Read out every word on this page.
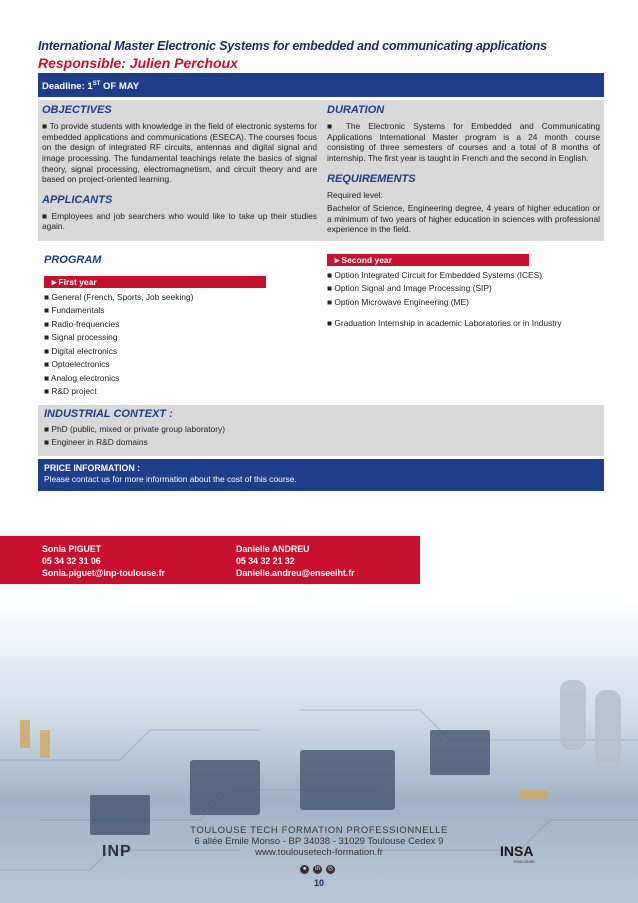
International Master Electronic Systems for embedded and communicating applications

Responsible: Julien Perchoux

Deadline: 1ST OF MAY
OBJECTIVES

■ To provide students with knowledge in the field of electronic systems for embedded applications and communications (ESECA). The courses focus on the design of integrated RF circuits, antennas and digital signal and image processing. The fundamental teachings relate the basics of signal theory, signal processing, electromagnetism, and circuit theory and are based on project-oriented learning.

APPLICANTS

■ Employees and job searchers who would like to take up their studies again.

DURATION

■ The Electronic Systems for Embedded and Communicating Applications International Master program is a 24 month course consisting of three semesters of courses and a total of 8 months of internship. The first year is taught in French and the second in English.

REQUIREMENTS

Required level:

Bachelor of Science, Engineering degree, 4 years of higher education or a minimum of two years of higher education in sciences with professional experience in the field.

PROGRAM
►First year
■ General (French, Sports, Job seeking)
■ Fundamentals
■ Radio-frequencies
■ Signal processing
■ Digital electronics
■ Optoelectronics
■ Analog electronics
■ R&D project
►Second year
■ Option Integrated Circuit for Embedded Systems (ICES)
■ Option Signal and Image Processing (SIP)
■ Option Microwave Engineering (ME)
■ Graduation Internship in academic Laboratories or in Industry
INDUSTRIAL CONTEXT :
■ PhD (public, mixed or private group laboratory)
■ Engineer in R&D domains
PRICE INFORMATION :
Please contact us for more information about the cost of this course.
Sonia PIGUET
05 34 32 31 06
Sonia.piguet@inp-toulouse.fr
Danielle ANDREU
05 34 32 21 32
Danielle.andreu@enseeiht.fr
TOULOUSE TECH FORMATION PROFESSIONNELLE
6 allée Emile Monso - BP 34038 - 31029 Toulouse Cedex 9
www.toulousetech-formation.fr
INP	INSA
TOULOUSE
●	in	◎
10
